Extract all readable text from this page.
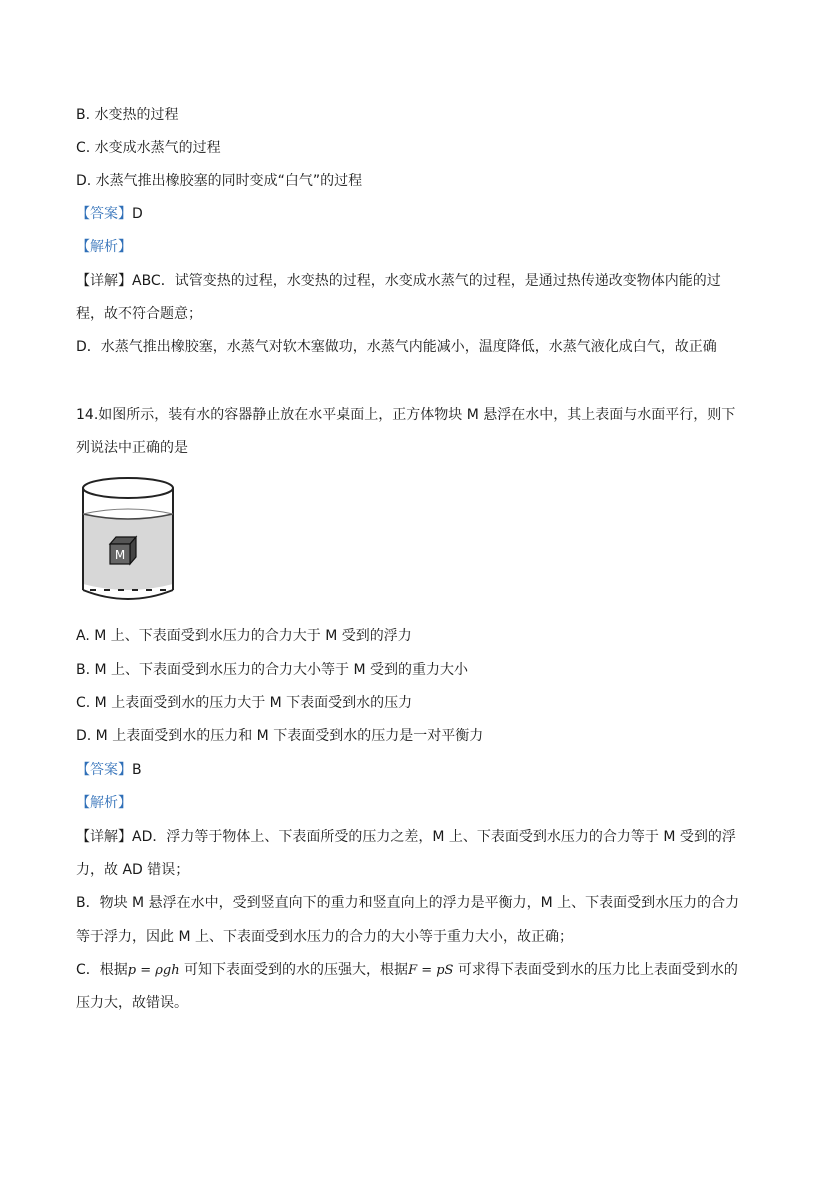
B. 水变热的过程
C. 水变成水蒸气的过程
D. 水蒸气推出橡胶塞的同时变成“白气”的过程
【答案】D
【解析】
【详解】ABC．试管变热的过程，水变热的过程，水变成水蒸气的过程，是通过热传递改变物体内能的过
程，故不符合题意；
D．水蒸气推出橡胶塞，水蒸气对软木塞做功，水蒸气内能减小，温度降低，水蒸气液化成白气，故正确
14.如图所示，装有水的容器静止放在水平桌面上，正方体物块 M 悬浮在水中，其上表面与水面平行，则下
列说法中正确的是
M
A. M 上、下表面受到水压力的合力大于 M 受到的浮力
B. M 上、下表面受到水压力的合力大小等于 M 受到的重力大小
C. M 上表面受到水的压力大于 M 下表面受到水的压力
D. M 上表面受到水的压力和 M 下表面受到水的压力是一对平衡力
【答案】B
【解析】
【详解】AD．浮力等于物体上、下表面所受的压力之差，M 上、下表面受到水压力的合力等于 M 受到的浮
力，故 AD 错误；
B．物块 M 悬浮在水中，受到竖直向下的重力和竖直向上的浮力是平衡力，M 上、下表面受到水压力的合力
等于浮力，因此 M 上、下表面受到水压力的合力的大小等于重力大小，故正确；
C．根据p = ρgh 可知下表面受到的水的压强大，根据F = pS 可求得下表面受到水的压力比上表面受到水的
压力大，故错误。
